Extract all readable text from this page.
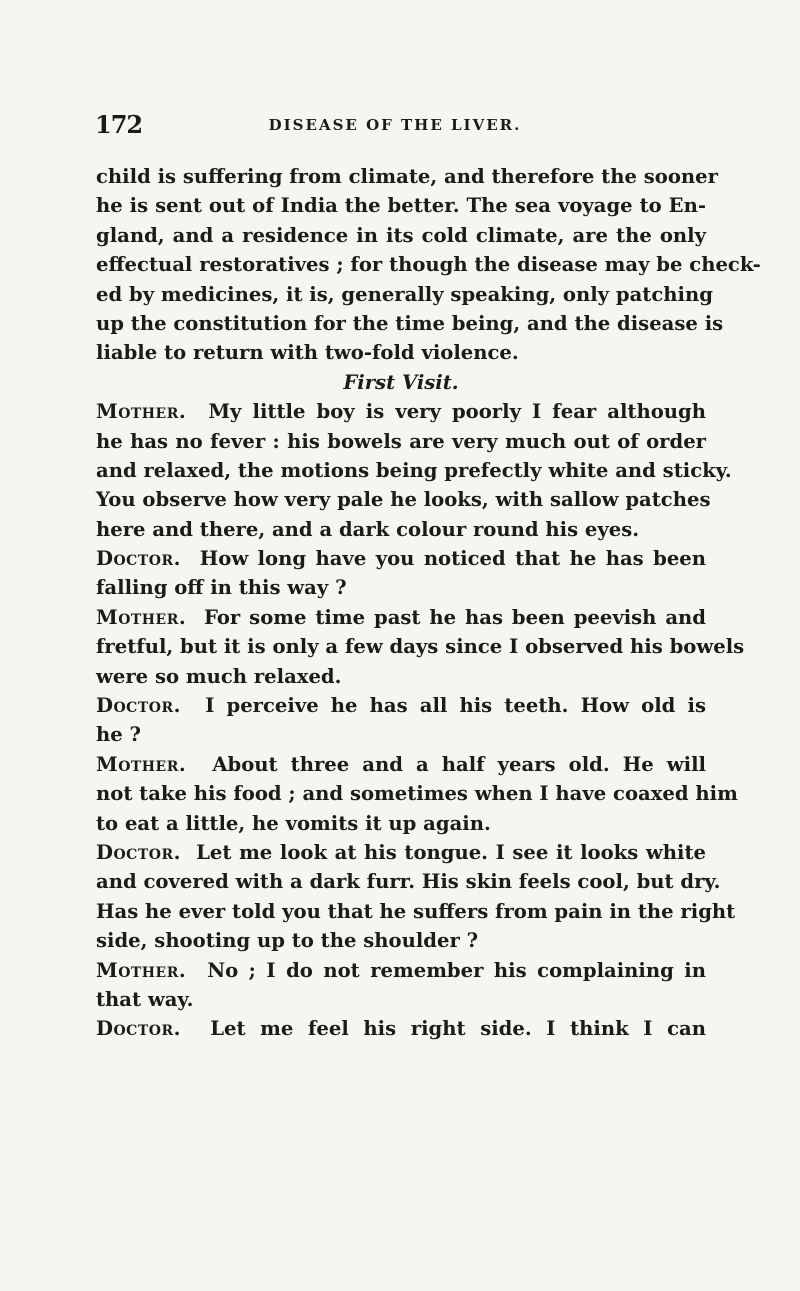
172	DISEASE OF THE LIVER.
child is suffering from climate, and therefore the sooner
he is sent out of India the better. The sea voyage to En-
gland, and a residence in its cold climate, are the only
effectual restoratives ; for though the disease may be check-
ed by medicines, it is, generally speaking, only patching
up the constitution for the time being, and the disease is
liable to return with two-fold violence.
First Visit.
Mother. My little boy is very poorly I fear although
he has no fever : his bowels are very much out of order
and relaxed, the motions being prefectly white and sticky.
You observe how very pale he looks, with sallow patches
here and there, and a dark colour round his eyes.
Doctor. How long have you noticed that he has been
falling off in this way ?
Mother. For some time past he has been peevish and
fretful, but it is only a few days since I observed his bowels
were so much relaxed.
Doctor. I perceive he has all his teeth. How old is
he ?
Mother. About three and a half years old. He will
not take his food ; and sometimes when I have coaxed him
to eat a little, he vomits it up again.
Doctor. Let me look at his tongue. I see it looks white
and covered with a dark furr. His skin feels cool, but dry.
Has he ever told you that he suffers from pain in the right
side, shooting up to the shoulder ?
Mother. No ; I do not remember his complaining in
that way.
Doctor. Let me feel his right side. I think I can
